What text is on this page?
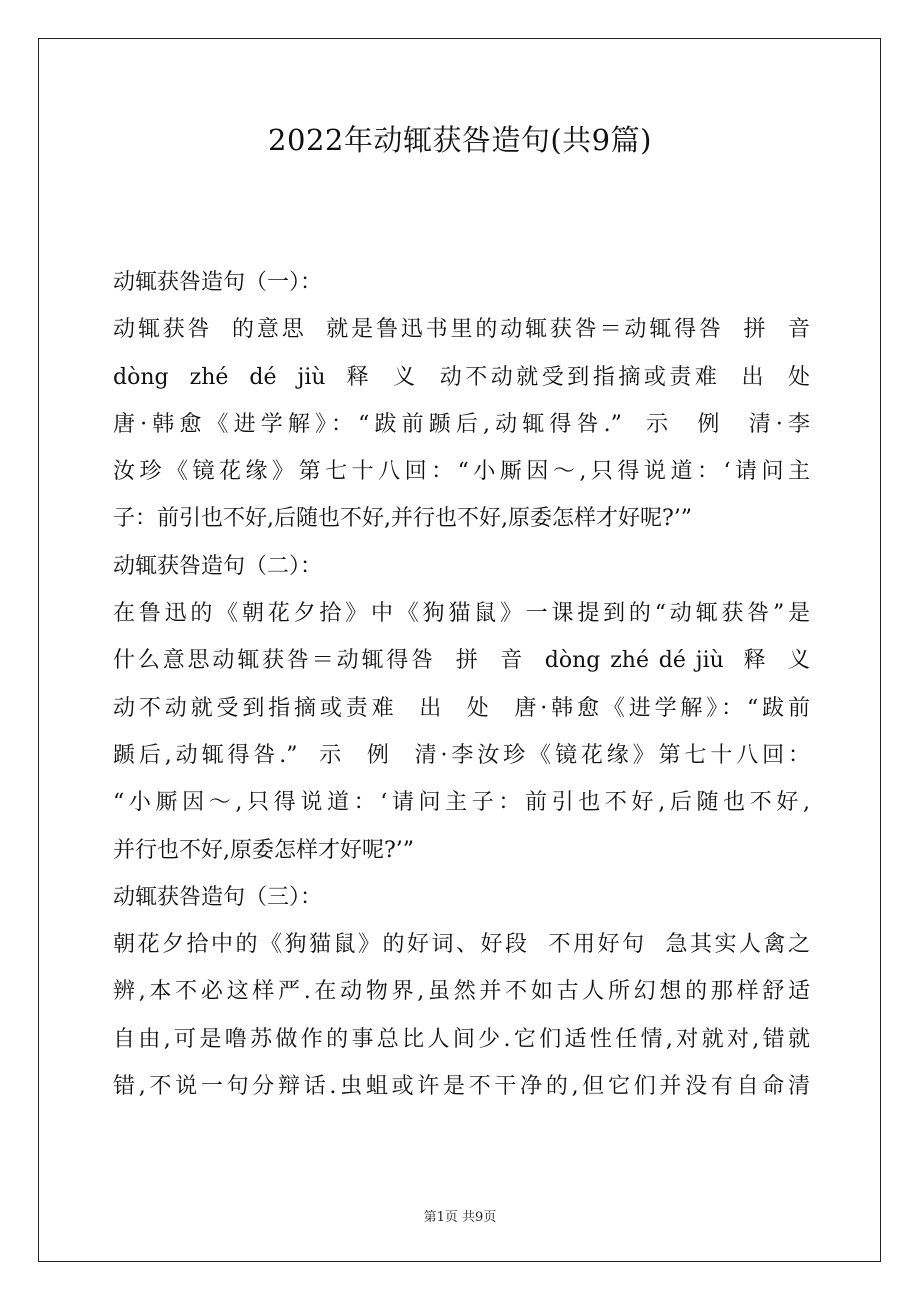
2022年动辄获咎造句(共9篇)
动辄获咎造句（一）：
动辄获咎  的意思  就是鲁迅书里的动辄获咎＝动辄得咎  拼  音
dòng  zhé  dé  jiù  释  义  动不动就受到指摘或责难  出  处
唐·韩愈《进学解》：“跋前踬后,动辄得咎.”  示  例  清·李
汝珍《镜花缘》第七十八回：“小厮因～,只得说道：‘请问主
子：前引也不好,后随也不好,并行也不好,原委怎样才好呢?’”
动辄获咎造句（二）：
在鲁迅的《朝花夕拾》中《狗猫鼠》一课提到的“动辄获咎”是
什么意思动辄获咎＝动辄得咎  拼  音  dòng zhé dé jiù  释  义
动不动就受到指摘或责难  出  处  唐·韩愈《进学解》：“跋前
踬后,动辄得咎.”  示  例  清·李汝珍《镜花缘》第七十八回：
“小厮因～,只得说道：‘请问主子：前引也不好,后随也不好,
并行也不好,原委怎样才好呢?’”
动辄获咎造句（三）：
朝花夕拾中的《狗猫鼠》的好词、好段  不用好句  急其实人禽之
辨,本不必这样严.在动物界,虽然并不如古人所幻想的那样舒适
自由,可是噜苏做作的事总比人间少.它们适性任情,对就对,错就
错,不说一句分辩话.虫蛆或许是不干净的,但它们并没有自命清
第1页 共9页
